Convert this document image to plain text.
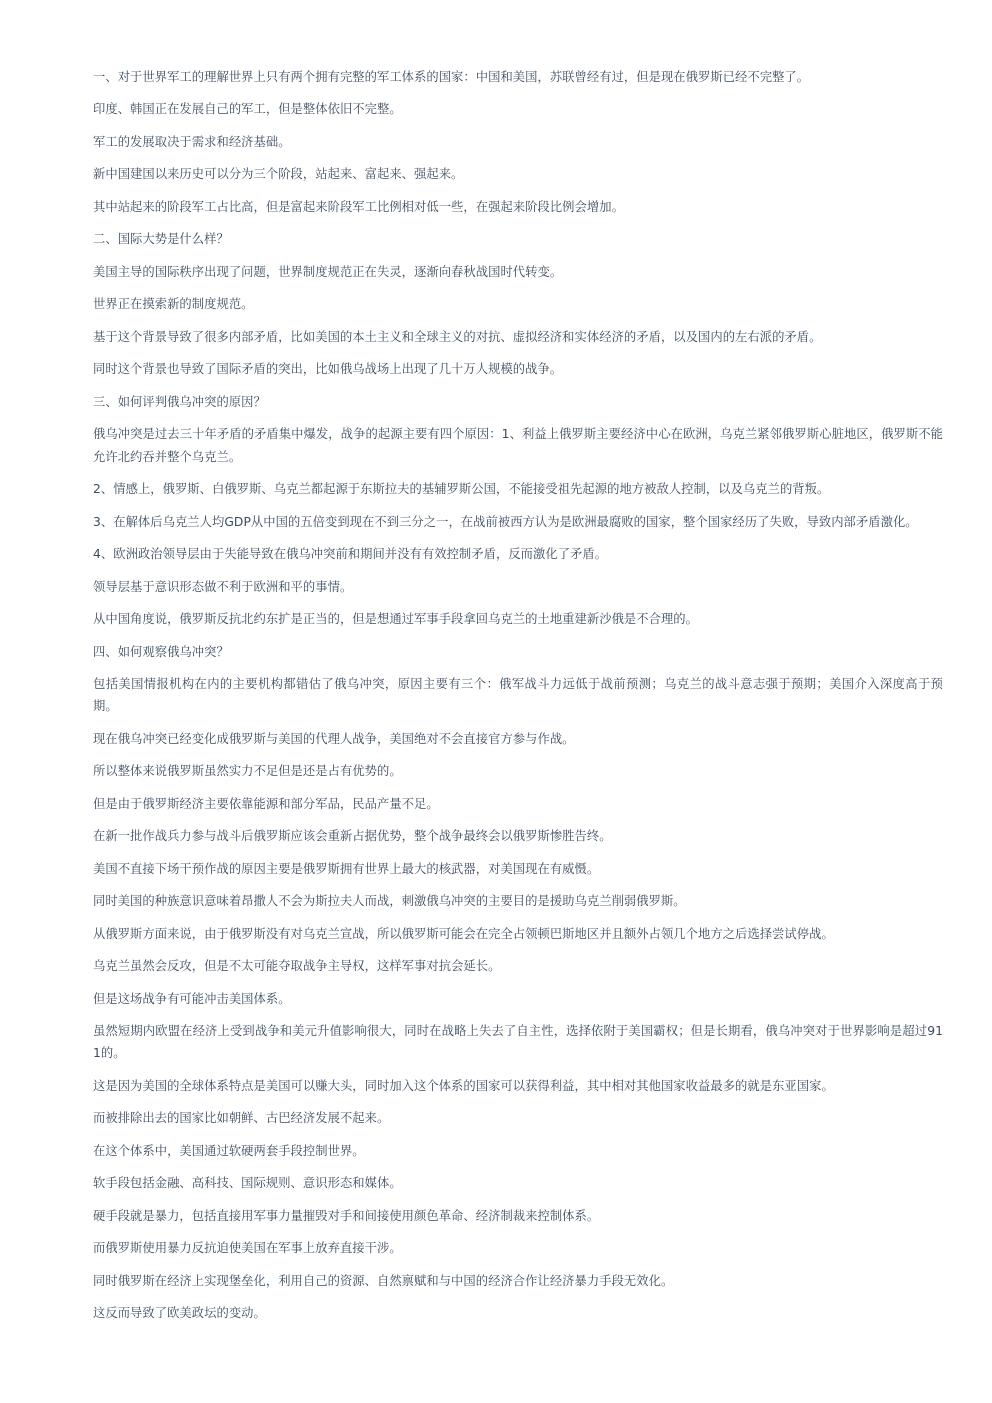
一、对于世界军工的理解世界上只有两个拥有完整的军工体系的国家：中国和美国，苏联曾经有过，但是现在俄罗斯已经不完整了。

印度、韩国正在发展自己的军工，但是整体依旧不完整。

军工的发展取决于需求和经济基础。

新中国建国以来历史可以分为三个阶段，站起来、富起来、强起来。

其中站起来的阶段军工占比高，但是富起来阶段军工比例相对低一些，在强起来阶段比例会增加。

二、国际大势是什么样？

美国主导的国际秩序出现了问题，世界制度规范正在失灵，逐渐向春秋战国时代转变。

世界正在摸索新的制度规范。

基于这个背景导致了很多内部矛盾，比如美国的本土主义和全球主义的对抗、虚拟经济和实体经济的矛盾，以及国内的左右派的矛盾。

同时这个背景也导致了国际矛盾的突出，比如俄乌战场上出现了几十万人规模的战争。

三、如何评判俄乌冲突的原因？

俄乌冲突是过去三十年矛盾的矛盾集中爆发，战争的起源主要有四个原因：1、利益上俄罗斯主要经济中心在欧洲，乌克兰紧邻俄罗斯心脏地区，俄罗斯不能允许北约吞并整个乌克兰。

2、情感上，俄罗斯、白俄罗斯、乌克兰都起源于东斯拉夫的基辅罗斯公国，不能接受祖先起源的地方被敌人控制，以及乌克兰的背叛。

3、在解体后乌克兰人均GDP从中国的五倍变到现在不到三分之一，在战前被西方认为是欧洲最腐败的国家，整个国家经历了失败，导致内部矛盾激化。

4、欧洲政治领导层由于失能导致在俄乌冲突前和期间并没有有效控制矛盾，反而激化了矛盾。

领导层基于意识形态做不利于欧洲和平的事情。

从中国角度说，俄罗斯反抗北约东扩是正当的，但是想通过军事手段拿回乌克兰的土地重建新沙俄是不合理的。

四、如何观察俄乌冲突？

包括美国情报机构在内的主要机构都错估了俄乌冲突，原因主要有三个：俄军战斗力远低于战前预测；乌克兰的战斗意志强于预期；美国介入深度高于预期。

现在俄乌冲突已经变化成俄罗斯与美国的代理人战争，美国绝对不会直接官方参与作战。

所以整体来说俄罗斯虽然实力不足但是还是占有优势的。

但是由于俄罗斯经济主要依靠能源和部分军品，民品产量不足。

在新一批作战兵力参与战斗后俄罗斯应该会重新占据优势，整个战争最终会以俄罗斯惨胜告终。

美国不直接下场干预作战的原因主要是俄罗斯拥有世界上最大的核武器，对美国现在有威慑。

同时美国的种族意识意味着昂撒人不会为斯拉夫人而战，刺激俄乌冲突的主要目的是援助乌克兰削弱俄罗斯。

从俄罗斯方面来说，由于俄罗斯没有对乌克兰宣战，所以俄罗斯可能会在完全占领顿巴斯地区并且额外占领几个地方之后选择尝试停战。

乌克兰虽然会反攻，但是不太可能夺取战争主导权，这样军事对抗会延长。

但是这场战争有可能冲击美国体系。

虽然短期内欧盟在经济上受到战争和美元升值影响很大，同时在战略上失去了自主性，选择依附于美国霸权；但是长期看，俄乌冲突对于世界影响是超过911的。

这是因为美国的全球体系特点是美国可以赚大头，同时加入这个体系的国家可以获得利益，其中相对其他国家收益最多的就是东亚国家。

而被排除出去的国家比如朝鲜、古巴经济发展不起来。

在这个体系中，美国通过软硬两套手段控制世界。

软手段包括金融、高科技、国际规则、意识形态和媒体。

硬手段就是暴力，包括直接用军事力量摧毁对手和间接使用颜色革命、经济制裁来控制体系。

而俄罗斯使用暴力反抗迫使美国在军事上放弃直接干涉。

同时俄罗斯在经济上实现堡垒化，利用自己的资源、自然禀赋和与中国的经济合作让经济暴力手段无效化。

这反而导致了欧美政坛的变动。
